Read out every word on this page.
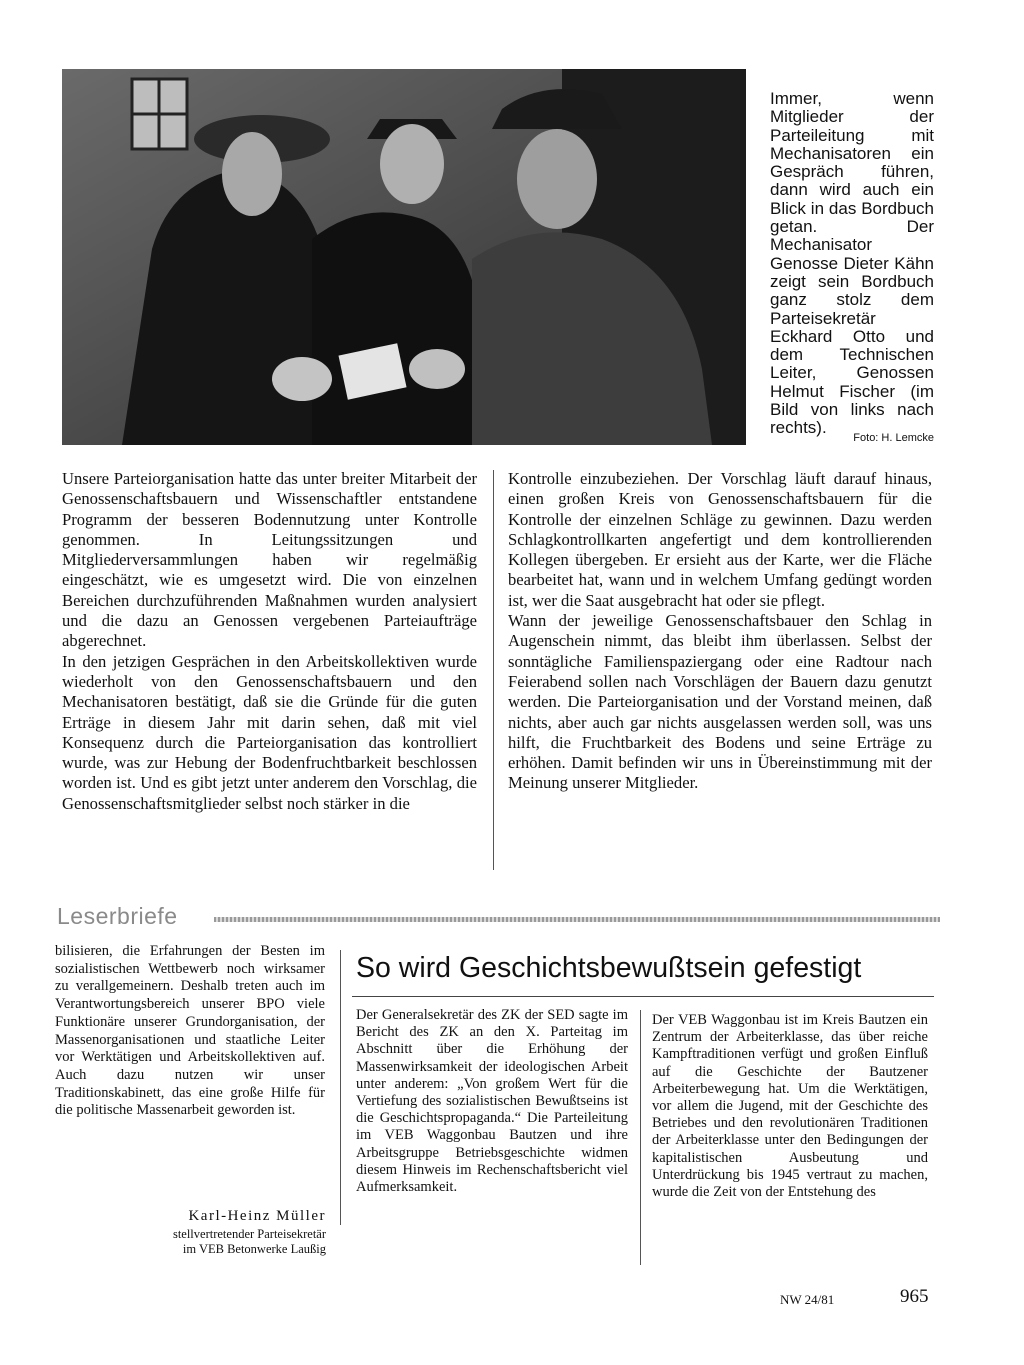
Immer, wenn Mitglieder der Parteileitung mit Mechanisatoren ein Gespräch führen, dann wird auch ein Blick in das Bordbuch getan. Der Mechanisator Genosse Dieter Kähn zeigt sein Bordbuch ganz stolz dem Parteisekretär Eckhard Otto und dem Technischen Leiter, Genossen Helmut Fischer (im Bild von links nach rechts).

Foto: H. Lemcke

Unsere Parteiorganisation hatte das unter breiter Mitarbeit der Genossenschaftsbauern und Wissenschaftler entstandene Programm der besseren Bodennutzung unter Kontrolle genommen. In Leitungssitzungen und Mitgliederversammlungen haben wir regelmäßig eingeschätzt, wie es umgesetzt wird. Die von einzelnen Bereichen durchzuführenden Maßnahmen wurden analysiert und die dazu an Genossen vergebenen Parteiaufträge abgerechnet.

In den jetzigen Gesprächen in den Arbeitskollektiven wurde wiederholt von den Genossenschaftsbauern und den Mechanisatoren bestätigt, daß sie die Gründe für die guten Erträge in diesem Jahr mit darin sehen, daß mit viel Konsequenz durch die Parteiorganisation das kontrolliert wurde, was zur Hebung der Bodenfruchtbarkeit beschlossen worden ist. Und es gibt jetzt unter anderem den Vorschlag, die Genossenschaftsmitglieder selbst noch stärker in die

Kontrolle einzubeziehen. Der Vorschlag läuft darauf hinaus, einen großen Kreis von Genossenschaftsbauern für die Kontrolle der einzelnen Schläge zu gewinnen. Dazu werden Schlagkontrollkarten angefertigt und dem kontrollierenden Kollegen übergeben. Er ersieht aus der Karte, wer die Fläche bearbeitet hat, wann und in welchem Umfang gedüngt worden ist, wer die Saat ausgebracht hat oder sie pflegt.

Wann der jeweilige Genossenschaftsbauer den Schlag in Augenschein nimmt, das bleibt ihm überlassen. Selbst der sonntägliche Familienspaziergang oder eine Radtour nach Feierabend sollen nach Vorschlägen der Bauern dazu genutzt werden. Die Parteiorganisation und der Vorstand meinen, daß nichts, aber auch gar nichts ausgelassen werden soll, was uns hilft, die Fruchtbarkeit des Bodens und seine Erträge zu erhöhen. Damit befinden wir uns in Übereinstimmung mit der Meinung unserer Mitglieder.

Leserbriefe

bilisieren, die Erfahrungen der Besten im sozialistischen Wettbewerb noch wirksamer zu verallgemeinern. Deshalb treten auch im Verantwortungsbereich unserer BPO viele Funktionäre unserer Grundorganisation, der Massenorganisationen und staatliche Leiter vor Werktätigen und Arbeitskollektiven auf. Auch dazu nutzen wir unser Traditionskabinett, das eine große Hilfe für die politische Massenarbeit geworden ist.

Karl-Heinz Müller

stellvertretender Parteisekretär
im VEB Betonwerke Laußig
So wird Geschichtsbewußtsein gefestigt

Der Generalsekretär des ZK der SED sagte im Bericht des ZK an den X. Parteitag im Abschnitt über die Erhöhung der Massenwirksamkeit der ideologischen Arbeit unter anderem: „Von großem Wert für die Vertiefung des sozialistischen Bewußtseins ist die Geschichtspropaganda.“ Die Parteileitung im VEB Waggonbau Bautzen und ihre Arbeitsgruppe Betriebsgeschichte widmen diesem Hinweis im Rechenschaftsbericht viel Aufmerksamkeit.

Der VEB Waggonbau ist im Kreis Bautzen ein Zentrum der Arbeiterklasse, das über reiche Kampftraditionen verfügt und großen Einfluß auf die Geschichte der Bautzener Arbeiterbewegung hat. Um die Werktätigen, vor allem die Jugend, mit der Geschichte des Betriebes und den revolutionären Traditionen der Arbeiterklasse unter den Bedingungen der kapitalistischen Ausbeutung und Unterdrückung bis 1945 vertraut zu machen, wurde die Zeit von der Entstehung des

NW 24/81	965
